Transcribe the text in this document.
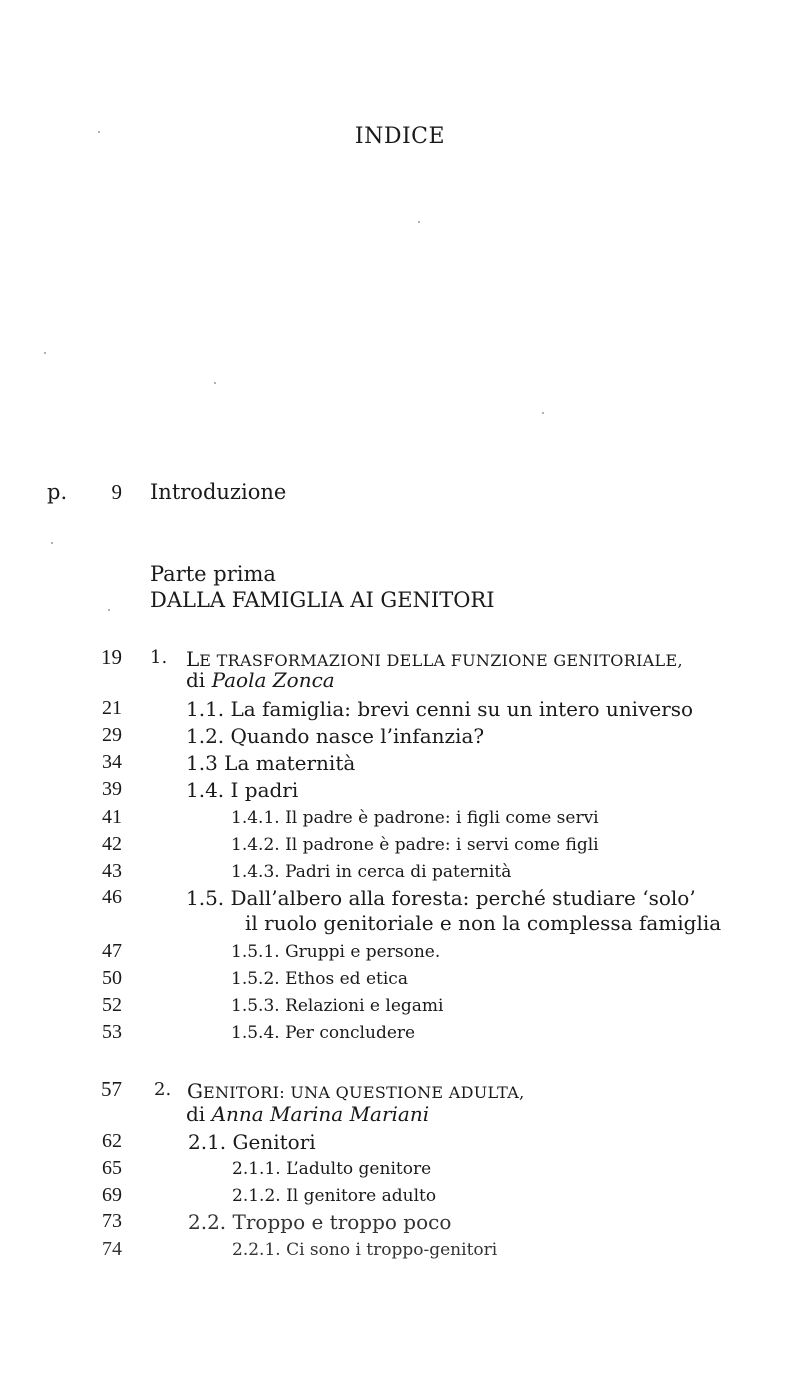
INDICE
p. 9 Introduzione
Parte prima
DALLA FAMIGLIA AI GENITORI
19 1. LE TRASFORMAZIONI DELLA FUNZIONE GENITORIALE,
di Paola Zonca
21	1.1. La famiglia: brevi cenni su un intero universo
29	1.2. Quando nasce l’infanzia?
34	1.3 La maternità
39	1.4. I padri
41	1.4.1. Il padre è padrone: i figli come servi
42	1.4.2. Il padrone è padre: i servi come figli
43	1.4.3. Padri in cerca di paternità
46	1.5. Dall’albero alla foresta: perché studiare ‘solo’
il ruolo genitoriale e non la complessa famiglia
47	1.5.1. Gruppi e persone.
50	1.5.2. Ethos ed etica
52	1.5.3. Relazioni e legami
53	1.5.4. Per concludere
57 2. GENITORI: UNA QUESTIONE ADULTA,
di Anna Marina Mariani
62	2.1. Genitori
65	2.1.1. L’adulto genitore
69	2.1.2. Il genitore adulto
73	2.2. Troppo e troppo poco
74	2.2.1. Ci sono i troppo-genitori
